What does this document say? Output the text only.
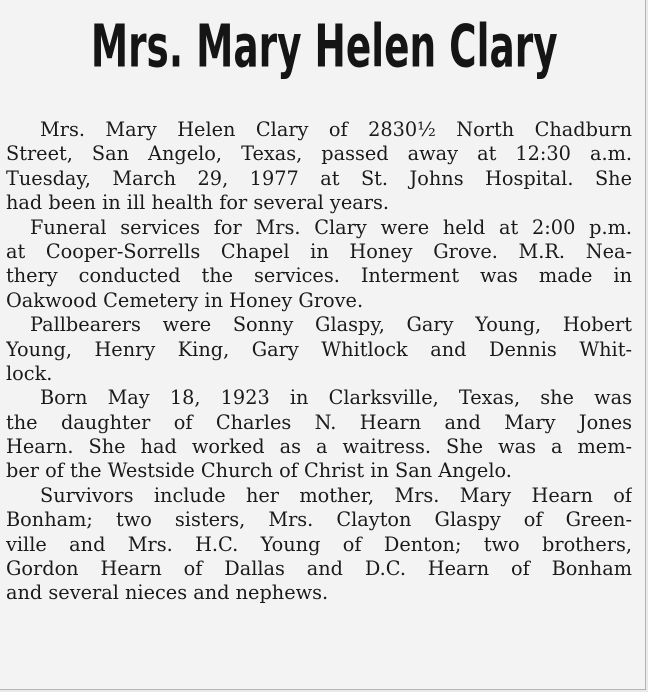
Mrs. Mary Helen Clary

Mrs. Mary Helen Clary of 2830½ North Chadburn
Street, San Angelo, Texas, passed away at 12:30 a.m.
Tuesday, March 29, 1977 at St. Johns Hospital. She
had been in ill health for several years.

Funeral services for Mrs. Clary were held at 2:00 p.m.
at Cooper-Sorrells Chapel in Honey Grove. M.R. Nea-
thery conducted the services. Interment was made in
Oakwood Cemetery in Honey Grove.

Pallbearers were Sonny Glaspy, Gary Young, Hobert
Young, Henry King, Gary Whitlock and Dennis Whit-
lock.

Born May 18, 1923 in Clarksville, Texas, she was
the daughter of Charles N. Hearn and Mary Jones
Hearn. She had worked as a waitress. She was a mem-
ber of the Westside Church of Christ in San Angelo.

Survivors include her mother, Mrs. Mary Hearn of
Bonham; two sisters, Mrs. Clayton Glaspy of Green-
ville and Mrs. H.C. Young of Denton; two brothers,
Gordon Hearn of Dallas and D.C. Hearn of Bonham
and several nieces and nephews.
